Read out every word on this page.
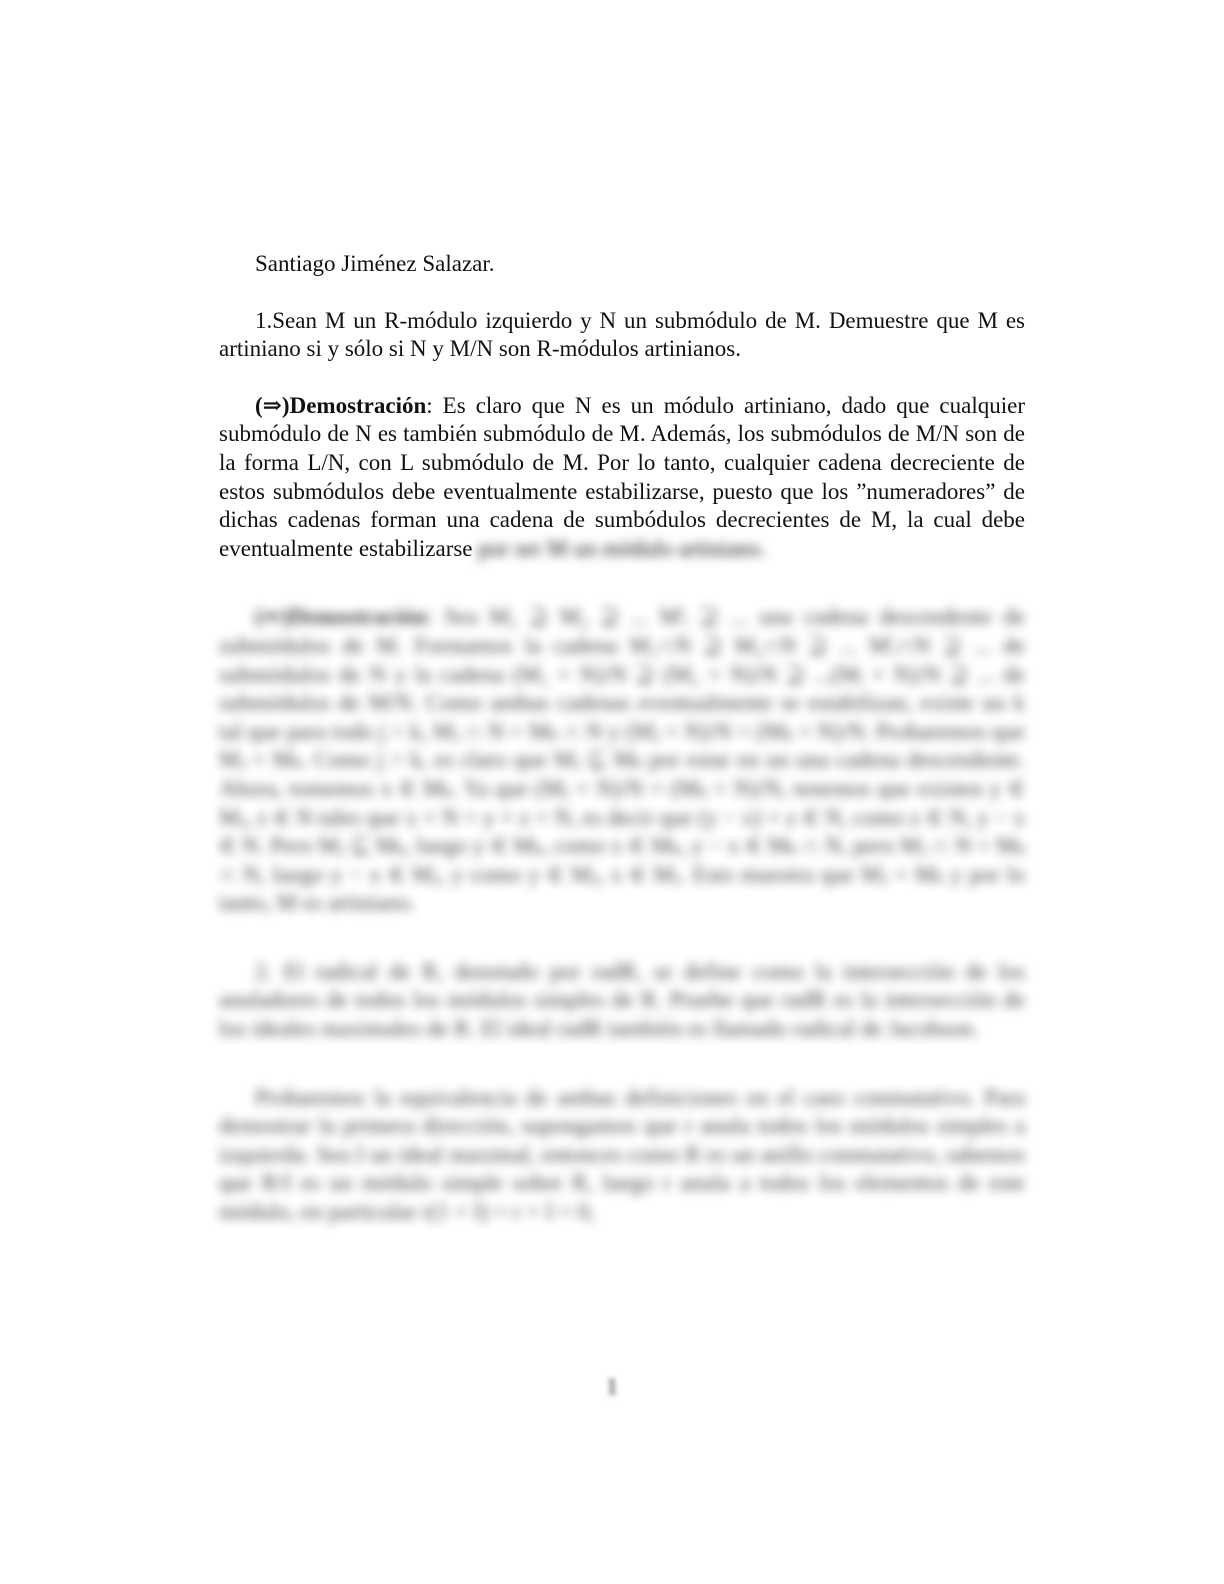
Santiago Jiménez Salazar.

1.Sean M un R-módulo izquierdo y N un submódulo de M. Demuestre que M es artiniano si y sólo si N y M/N son R-módulos artinianos.

(⇒)Demostración: Es claro que N es un módulo artiniano, dado que cualquier submódulo de N es también submódulo de M. Además, los submódulos de M/N son de la forma L/N, con L submódulo de M. Por lo tanto, cualquier cadena decreciente de estos submódulos debe eventualmente estabilizarse, puesto que los ”numeradores” de dichas cadenas forman una cadena de sumbódulos decrecientes de M, la cual debe eventualmente estabilizarse por ser M un módulo artiniano.

(⇐)Demostración: Sea M₁ ⊇ M₂ ⊇ ... M'ᵢ ⊇ ... una cadena descendente de submódulos de M. Formamos la cadena M₁∩N ⊇ M₂∩N ⊇ ... M'ᵢ∩N ⊇ ... de submódulos de N y la cadena (M₁ + N)/N ⊇ (M₂ + N)/N ⊇ ...(Mᵢ + N)/N ⊇ ... de submódulos de M/N. Como ambas cadenas eventualmente se estabilizan, existe un k tal que para todo j > k, Mⱼ ∩ N = Mₖ ∩ N y (Mⱼ + N)/N = (Mₖ + N)/N. Probaremos que Mⱼ = Mₖ. Como j > k, es claro que Mⱼ ⊆ Mₖ por estar en un una cadena descendente. Ahora, tomemos x ∈ Mₖ. Ya que (Mⱼ + N)/N = (Mₖ + N)/N, tenemos que existen y ∈ Mⱼ, z ∈ N tales que x + N = y + z + N, es decir que (y − x) + z ∈ N, como z ∈ N, y − x ∈ N. Pero Mⱼ ⊆ Mₖ, luego y ∈ Mₖ, como x ∈ Mₖ, y − x ∈ Mₖ ∩ N, pero Mⱼ ∩ N = Mₖ ∩ N, luego y − x ∈ Mⱼ, y como y ∈ Mⱼ, x ∈ Mⱼ. Esto muestra que Mⱼ = Mₖ y por lo tanto, M es artiniano.

2. El radical de R, denotado por radR, se define como la intersección de los anuladores de todos los módulos simples de R. Pruebe que radR es la intersección de los ideales maximales de R. El ideal radR también es llamado radical de Jacobson.

Probaremos la equivalencia de ambas definiciones en el caso conmutativo. Para demostrar la primera dirección, supongamos que r anula todos los módulos simples a izquierda. Sea I un ideal maximal, entonces como R es un anillo conmutativo, sabemos que R/I es un módulo simple sobre R, luego r anula a todos los elementos de este módulo, en particular r(1 + I) = r + I = 0,

1
